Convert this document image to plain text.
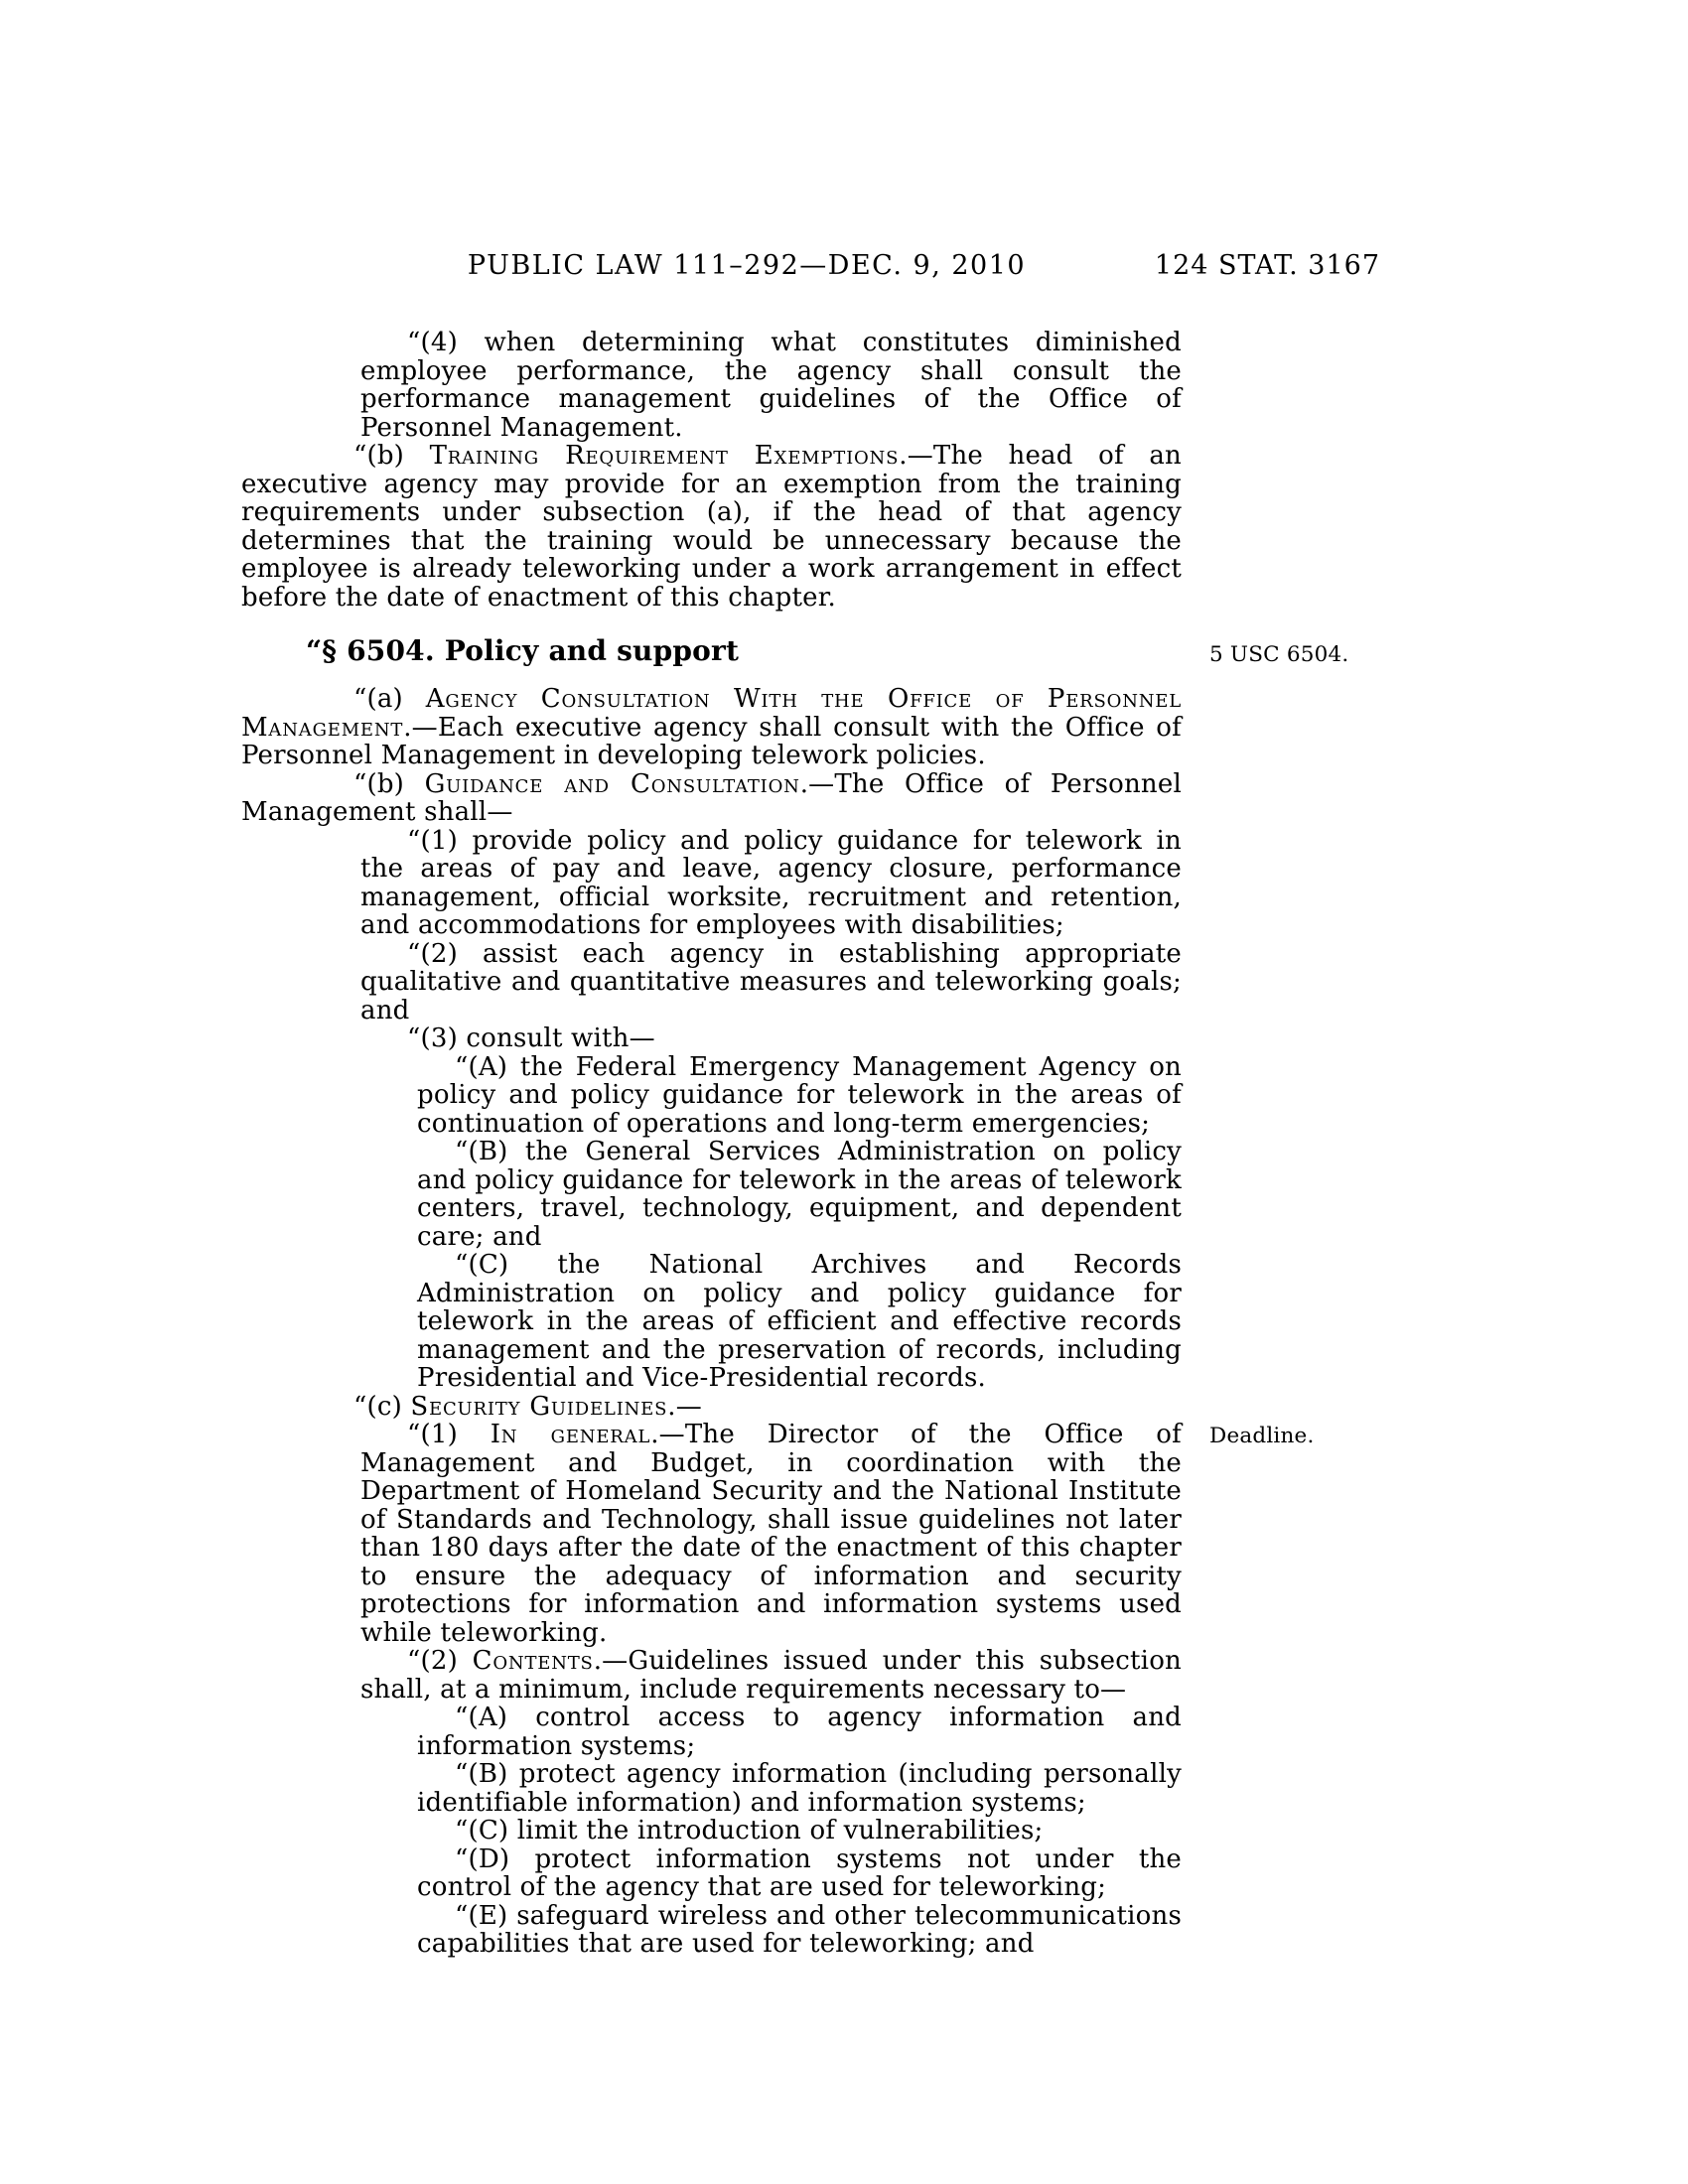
PUBLIC LAW 111–292—DEC. 9, 2010	124 STAT. 3167

“(4) when determining what constitutes diminished employee performance, the agency shall consult the performance management guidelines of the Office of Personnel Management.

“(b) Training Requirement Exemptions.—The head of an executive agency may provide for an exemption from the training requirements under subsection (a), if the head of that agency determines that the training would be unnecessary because the employee is already teleworking under a work arrangement in effect before the date of enactment of this chapter.

“§ 6504. Policy and support	5 USC 6504.

“(a) Agency Consultation With the Office of Personnel Management.—Each executive agency shall consult with the Office of Personnel Management in developing telework policies.

“(b) Guidance and Consultation.—The Office of Personnel Management shall—

“(1) provide policy and policy guidance for telework in the areas of pay and leave, agency closure, performance management, official worksite, recruitment and retention, and accommodations for employees with disabilities;

“(2) assist each agency in establishing appropriate qualitative and quantitative measures and teleworking goals; and

“(3) consult with—

“(A) the Federal Emergency Management Agency on policy and policy guidance for telework in the areas of continuation of operations and long-term emergencies;

“(B) the General Services Administration on policy and policy guidance for telework in the areas of telework centers, travel, technology, equipment, and dependent care; and

“(C) the National Archives and Records Administration on policy and policy guidance for telework in the areas of efficient and effective records management and the preservation of records, including Presidential and Vice-Presidential records.

“(c) Security Guidelines.—

“(1) In general.—The Director of the Office of Management and Budget, in coordination with the Department of Homeland Security and the National Institute of Standards and Technology, shall issue guidelines not later than 180 days after the date of the enactment of this chapter to ensure the adequacy of information and security protections for information and information systems used while teleworking.
Deadline.

“(2) Contents.—Guidelines issued under this subsection shall, at a minimum, include requirements necessary to—

“(A) control access to agency information and information systems;

“(B) protect agency information (including personally identifiable information) and information systems;

“(C) limit the introduction of vulnerabilities;

“(D) protect information systems not under the control of the agency that are used for teleworking;

“(E) safeguard wireless and other telecommunications capabilities that are used for teleworking; and
